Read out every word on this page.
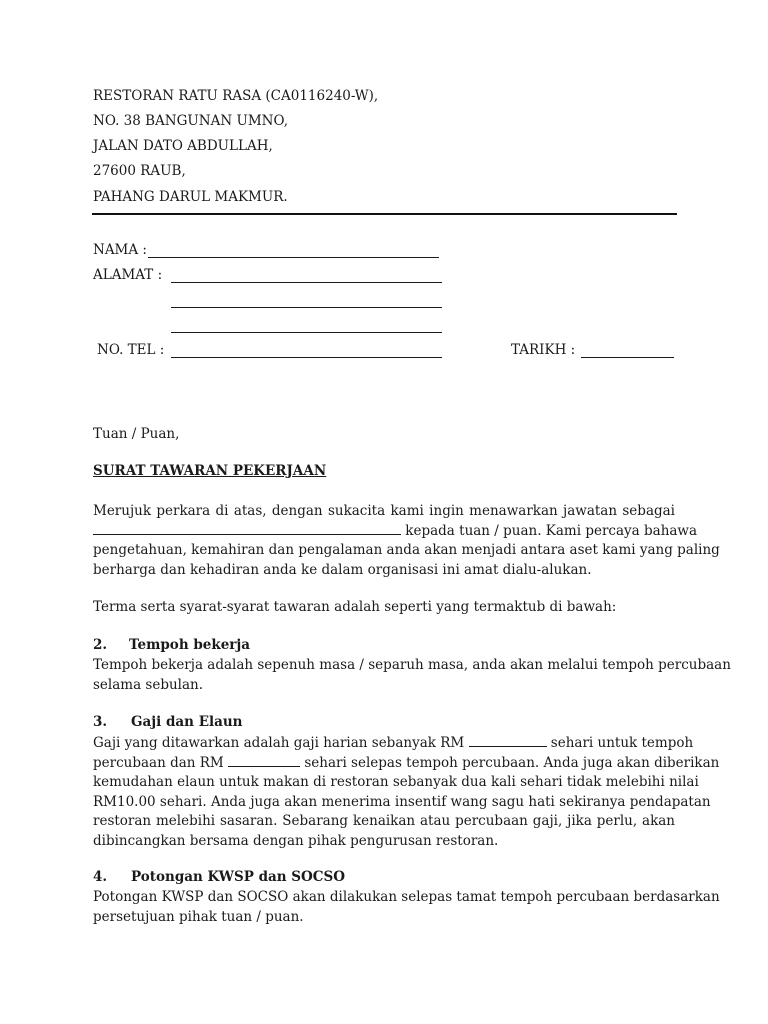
RESTORAN RATU RASA (CA0116240-W),
NO. 38 BANGUNAN UMNO,
JALAN DATO ABDULLAH,
27600 RAUB,
PAHANG DARUL MAKMUR.
NAMA :
ALAMAT :
NO. TEL :	TARIKH :
Tuan / Puan,
SURAT TAWARAN PEKERJAAN
Merujuk perkara di atas, dengan sukacita kami ingin menawarkan jawatan sebagai
kepada tuan / puan. Kami percaya bahawa
pengetahuan, kemahiran dan pengalaman anda akan menjadi antara aset kami yang paling
berharga dan kehadiran anda ke dalam organisasi ini amat dialu-alukan.
Terma serta syarat-syarat tawaran adalah seperti yang termaktub di bawah:
2. Tempoh bekerja
Tempoh bekerja adalah sepenuh masa / separuh masa, anda akan melalui tempoh percubaan
selama sebulan.
3. Gaji dan Elaun
Gaji yang ditawarkan adalah gaji harian sebanyak RM	sehari untuk tempoh
percubaan dan RM	sehari selepas tempoh percubaan. Anda juga akan diberikan
kemudahan elaun untuk makan di restoran sebanyak dua kali sehari tidak melebihi nilai
RM10.00 sehari. Anda juga akan menerima insentif wang sagu hati sekiranya pendapatan
restoran melebihi sasaran. Sebarang kenaikan atau percubaan gaji, jika perlu, akan
dibincangkan bersama dengan pihak pengurusan restoran.
4. Potongan KWSP dan SOCSO
Potongan KWSP dan SOCSO akan dilakukan selepas tamat tempoh percubaan berdasarkan
persetujuan pihak tuan / puan.
